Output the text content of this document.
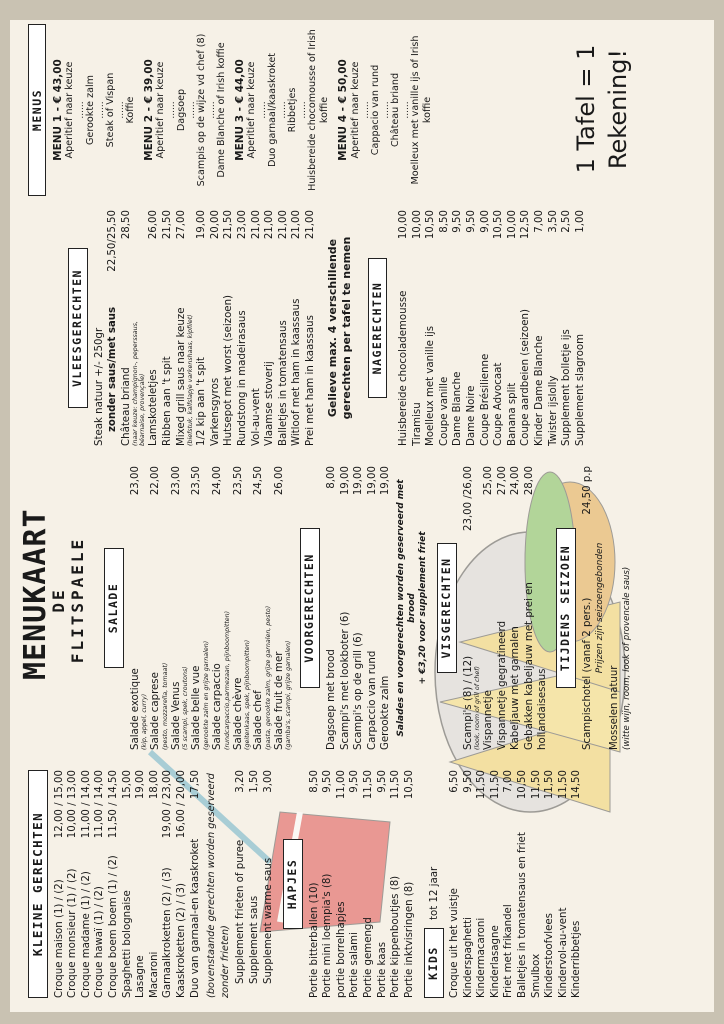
MENUKAART
DE FLITSPAELE
KLEINE GERECHTEN Croque maison (1) / (2)
12,00 / 15,00
Croque monsieur (1) / (2)
10,00 / 13,00
Croque madame (1) / (2)
11,00 / 14,00
Croque hawaï (1) / (2)
11,00 / 14,00
Croque boem boem (1) / (2)
11,50 / 14,50
Spaghetti bolognaise
15,00
Lasagne
19,00
Macaroni
18,00
Garnaalkroketten (2) / (3)
19,00 / 23,00
Kaaskroketten (2) / (3)
16,00 / 20,00
Duo van garnaal-en kaaskroket
17,50 (bovenstaande gerechten worden geserveerd zonder frieten) Supplement frieten of puree
3,20
Supplement saus
1,50
Supplement warme saus
3,00
HAPJES Portie bitterballen (10)
8,50
Portie mini loempia's (8)
9,50
portie borrelhapjes
11,00
Portie salami
9,50
Portie gemengd
11,50
Portie kaas
9,50
Portie kippenboutjes (8)
11,50
Portie inktvisringen (8)
10,50
KIDS
tot 12 jaar Croque uit het vuistje
6,50
Kinderspaghetti
9,50
Kindermacaroni
11,50
Kinderlasagne
11,50
Friet met frikandel
7,00
Balletjes in tomatensaus en friet
10,50
Smulbox
11,50
Kinderstoofvlees
11,50
Kindervol-au-vent
11,50
Kinderribbetjes
14,50
SALADE
Salade exotique
23,00
(kip, appel, curry) Salade caprese
22,00
(pesto, mozzarella, tomaat) Salade Venus
23,00
(5 scampi, spek, croutons) Salade belle vue
23,50
(gerookte zalm en grijze garnalen) Salade carpaccio
24,00
(rundcarpaccio,parmezaan, pijnboompitten) Salade chèvre
23,50
(geitenkaas, spek, pijnboompitten) Salade chef
24,50
(pasta, gerookte zalm, grijze garnalen, pesto) Salade fruit de mer
26,00
(gamba's, scampi, grijze garnalen)
VOORGERECHTEN
Dagsoep met brood
8,00
Scampi's met lookboter (6)
19,00
Scampi's op de grill (6)
19,00
Carpaccio van rund
19,00
Gerookte zalm
19,00 Salades en voorgerechten worden geserveerd met brood + €3,20 voor supplement friet VISGERECHTEN
Scampi's (8) / (12)
23,00 /26,00
(look, room of grill of chef) Vispannetje
25,00
Vispannetje gegratineerd
27,00
Kabeljauw met garnalen
24,00
Gebakken kabeljauw met prei en hollandaisesaus
28,00
TIJDENS SEIZOEN Scampischotel (vanaf 2 pers.)
24,50 p.p
Prijzen zijn seizoengebonden
Mosselen natuur (witte wijn, room, look of provencale saus)
VLEESGERECHTEN Steak natuur +/- 250gr zonder saus/met saus
22,50/25,50
Château briand
28,50
(naar keuze: champignon-, peperssaus, béarnaise, provençale) Lamskoteletjes
26,00
Ribben aan 't spit
21,50
Mixed grill saus naar keuze
27,00
(biefstuk, kalfslapje varkenshaas, kipfilet) 1/2 kip aan 't spit
19,00
Varkensgyros
20,00
Hutsepot met worst (seizoen)
21,50
Rundstong in madeirasaus
23,00
Vol-au-vent
21,00
Vlaamse stoverij
21,00
Balletjes in tomatensaus
21,00
Witloof met ham in kaassaus
21,00
Prei met ham in kaassaus
21,00
Gelieve max. 4 verschillende gerechten per tafel te nemen NAGERECHTEN	Huisbereide chocolademousse
10,00
Tiramisu
10,00
Moelleux met vanille ijs
10,50
Coupe vanille
8,50
Dame Blanche
9,50
Dame Noire
9,50
Coupe Brésilienne
9,00
Coupe Advocaat
10,50
Banana split
10,00
Coupe aardbeien (seizoen)
12,50
Kinder Dame Blanche
7,00
Twister ijslolly
3,50
Supplement bolletje ijs
2,50
Supplement slagroom
1,00
MENUS MENU 1 - € 43,00 Aperitief naar keuze ...... Gerookte zalm ...... Steak of Vispan ...... Koffie MENU 2 - € 39,00 Aperitief naar keuze ...... Dagsoep ...... Scampis op de wijze vd chef (8) ...... Dame Blanche of Irish koffie MENU 3 - € 44,00 Aperitief naar keuze ...... Duo garnaal/kaaskroket ...... Ribbetjes ...... Huisbereide chocomousse of Irish koffie MENU 4 - € 50,00 Aperitief naar keuze ...... Cappacio van rund ...... Château briand ...... Moelleux met vanille ijs of Irish koffie	1 Tafel = 1 Rekening!
